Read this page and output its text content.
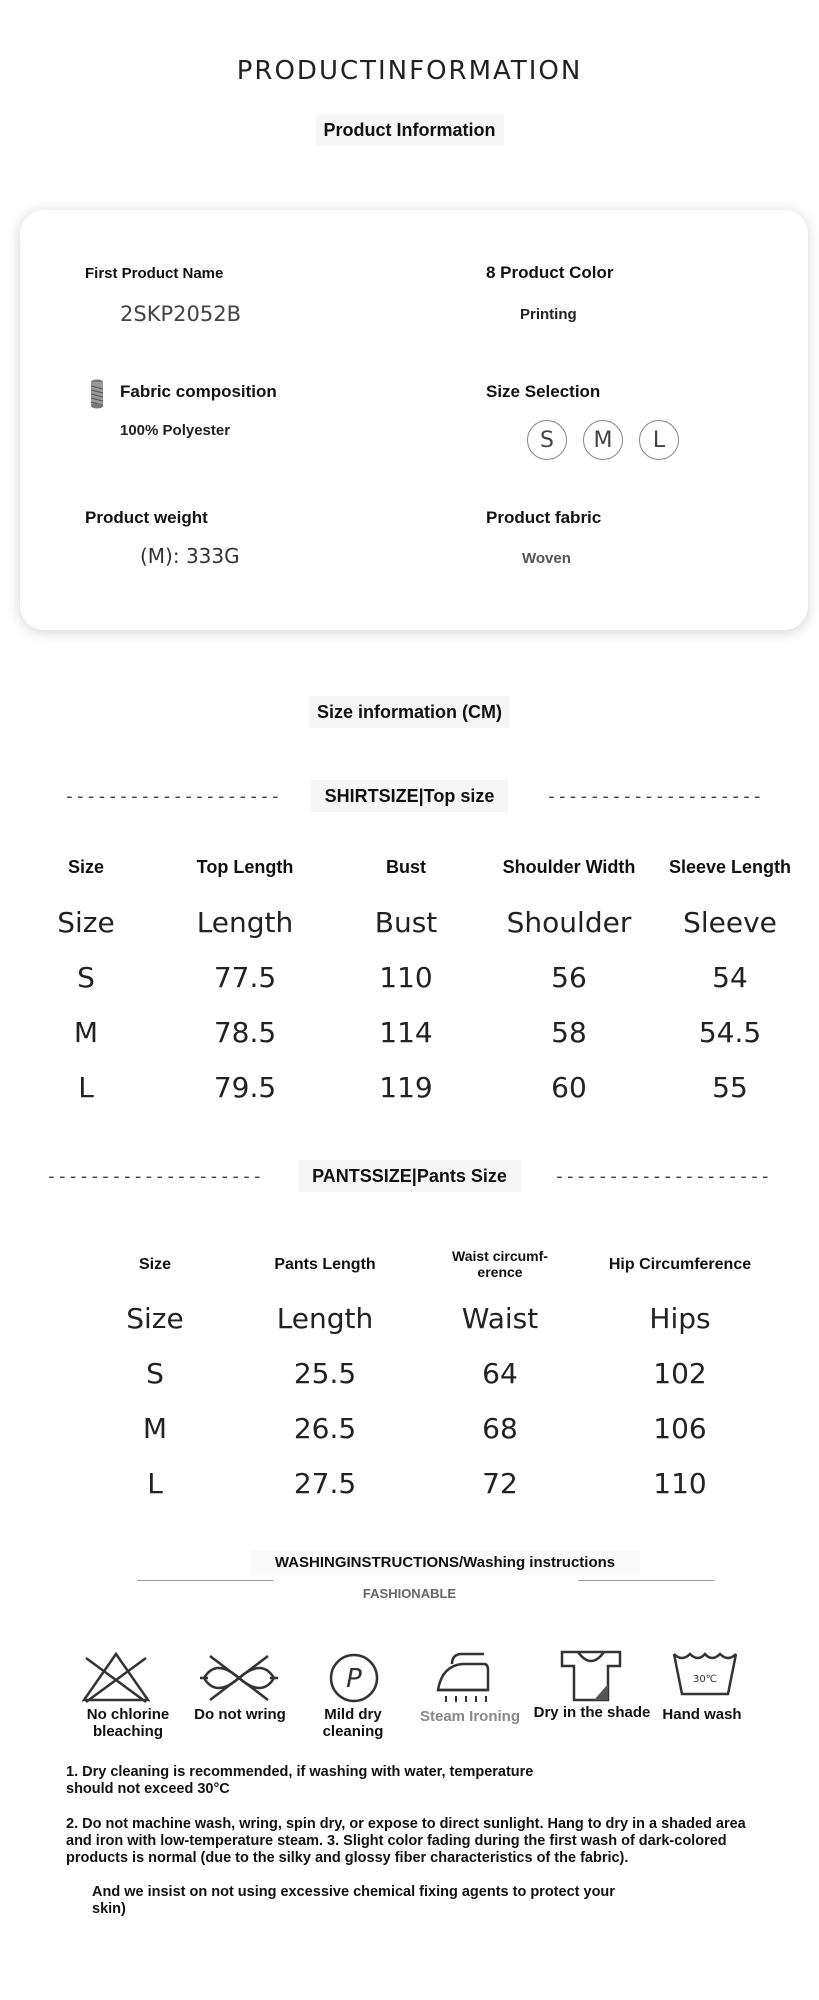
PRODUCTINFORMATION
Product Information
First Product Name
2SKP2052B
8 Product Color
Printing
Fabric composition
100% Polyester
Size Selection
S	M	L
Product weight
(M): 333G
Product fabric
Woven
Size information (CM)
--------------------	SHIRTSIZE|Top size	--------------------
Size	Top Length	Bust	Shoulder Width	Sleeve Length
Size	Length	Bust	Shoulder	Sleeve
S	77.5	110	56	54
M	78.5	114	58	54.5
L	79.5	119	60	55
--------------------	PANTSSIZE|Pants Size	--------------------
Size	Pants Length	Waist circumf-
erence	Hip Circumference
Size	Length	Waist	Hips
S	25.5	64	102
M	26.5	68	106
L	27.5	72	110
WASHINGINSTRUCTIONS/Washing instructions
FASHIONABLE
No chlorine bleaching
Do not wring
P
Mild dry cleaning
Steam Ironing Dry in the shade
30℃
Hand wash
1. Dry cleaning is recommended, if washing with water, temperature should not exceed 30°C
2. Do not machine wash, wring, spin dry, or expose to direct sunlight. Hang to dry in a shaded area and iron with low-temperature steam. 3. Slight color fading during the first wash of dark-colored products is normal (due to the silky and glossy fiber characteristics of the fabric).
And we insist on not using excessive chemical fixing agents to protect your skin)
